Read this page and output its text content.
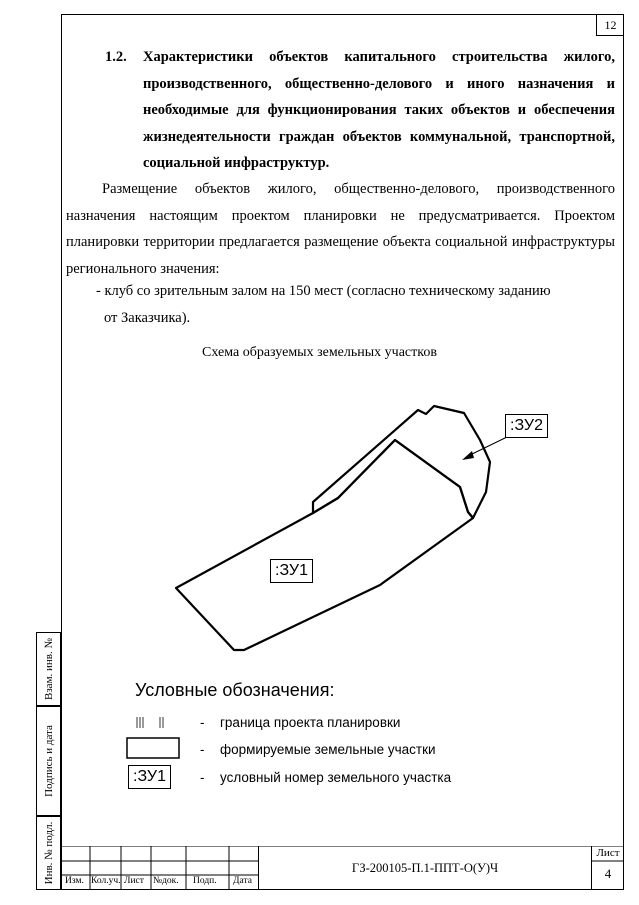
12
1.2. Характеристики объектов капитального строительства жилого, производственного, общественно-делового и иного назначения и необходимые для функционирования таких объектов и обеспечения жизнедеятельности граждан объектов коммунальной, транспортной, социальной инфраструктур.
Размещение объектов жилого, общественно-делового, производственного назначения настоящим проектом планировки не предусматривается. Проектом планировки территории предлагается размещение объекта социальной инфраструктуры регионального значения:
- клуб со зрительным залом на 150 мест (согласно техническому заданию
от Заказчика).
Схема образуемых земельных участков
:ЗУ1
:ЗУ2
Условные обозначения:
- граница проекта планировки
- формируемые земельные участки
:ЗУ1	- условный номер земельного участка
Взам. инв. №
Подпись и дата
Инв. № подл. Изм. Кол.уч. Лист №док. Подп. Дата
ГЗ-200105-П.1-ППТ-О(У)Ч
Лист
4
